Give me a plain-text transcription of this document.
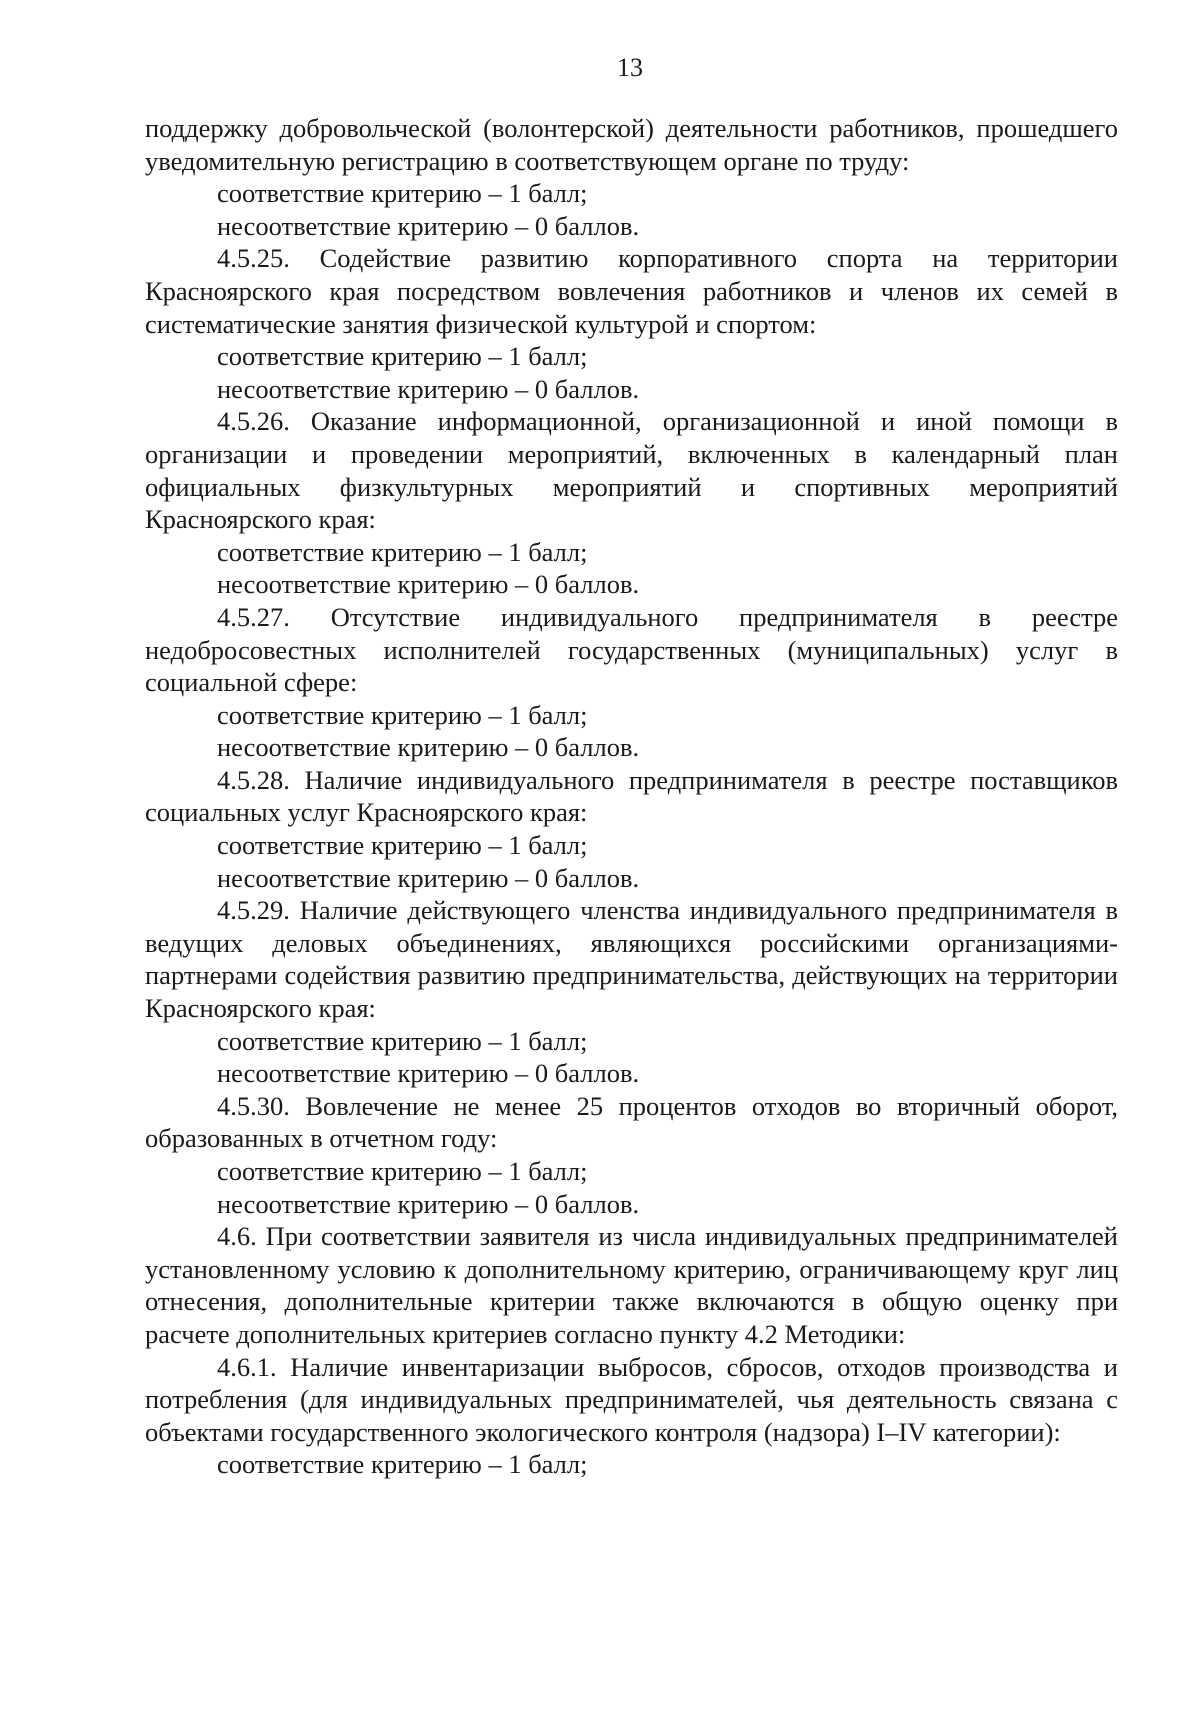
13

поддержку добровольческой (волонтерской) деятельности работников, прошедшего уведомительную регистрацию в соответствующем органе по труду:

соответствие критерию – 1 балл;

несоответствие критерию – 0 баллов.

4.5.25. Содействие развитию корпоративного спорта на территории Красноярского края посредством вовлечения работников и членов их семей в систематические занятия физической культурой и спортом:

соответствие критерию – 1 балл;

несоответствие критерию – 0 баллов.

4.5.26. Оказание информационной, организационной и иной помощи в организации и проведении мероприятий, включенных в календарный план официальных физкультурных мероприятий и спортивных мероприятий Красноярского края:

соответствие критерию – 1 балл;

несоответствие критерию – 0 баллов.

4.5.27. Отсутствие индивидуального предпринимателя в реестре недобросовестных исполнителей государственных (муниципальных) услуг в социальной сфере:

соответствие критерию – 1 балл;

несоответствие критерию – 0 баллов.

4.5.28. Наличие индивидуального предпринимателя в реестре поставщиков социальных услуг Красноярского края:

соответствие критерию – 1 балл;

несоответствие критерию – 0 баллов.

4.5.29. Наличие действующего членства индивидуального предпринимателя в ведущих деловых объединениях, являющихся российскими организациями-партнерами содействия развитию предпринимательства, действующих на территории Красноярского края:

соответствие критерию – 1 балл;

несоответствие критерию – 0 баллов.

4.5.30. Вовлечение не менее 25 процентов отходов во вторичный оборот, образованных в отчетном году:

соответствие критерию – 1 балл;

несоответствие критерию – 0 баллов.

4.6. При соответствии заявителя из числа индивидуальных предпринимателей установленному условию к дополнительному критерию, ограничивающему круг лиц отнесения, дополнительные критерии также включаются в общую оценку при расчете дополнительных критериев согласно пункту 4.2 Методики:

4.6.1. Наличие инвентаризации выбросов, сбросов, отходов производства и потребления (для индивидуальных предпринимателей, чья деятельность связана с объектами государственного экологического контроля (надзора) I–IV категории):

соответствие критерию – 1 балл;
